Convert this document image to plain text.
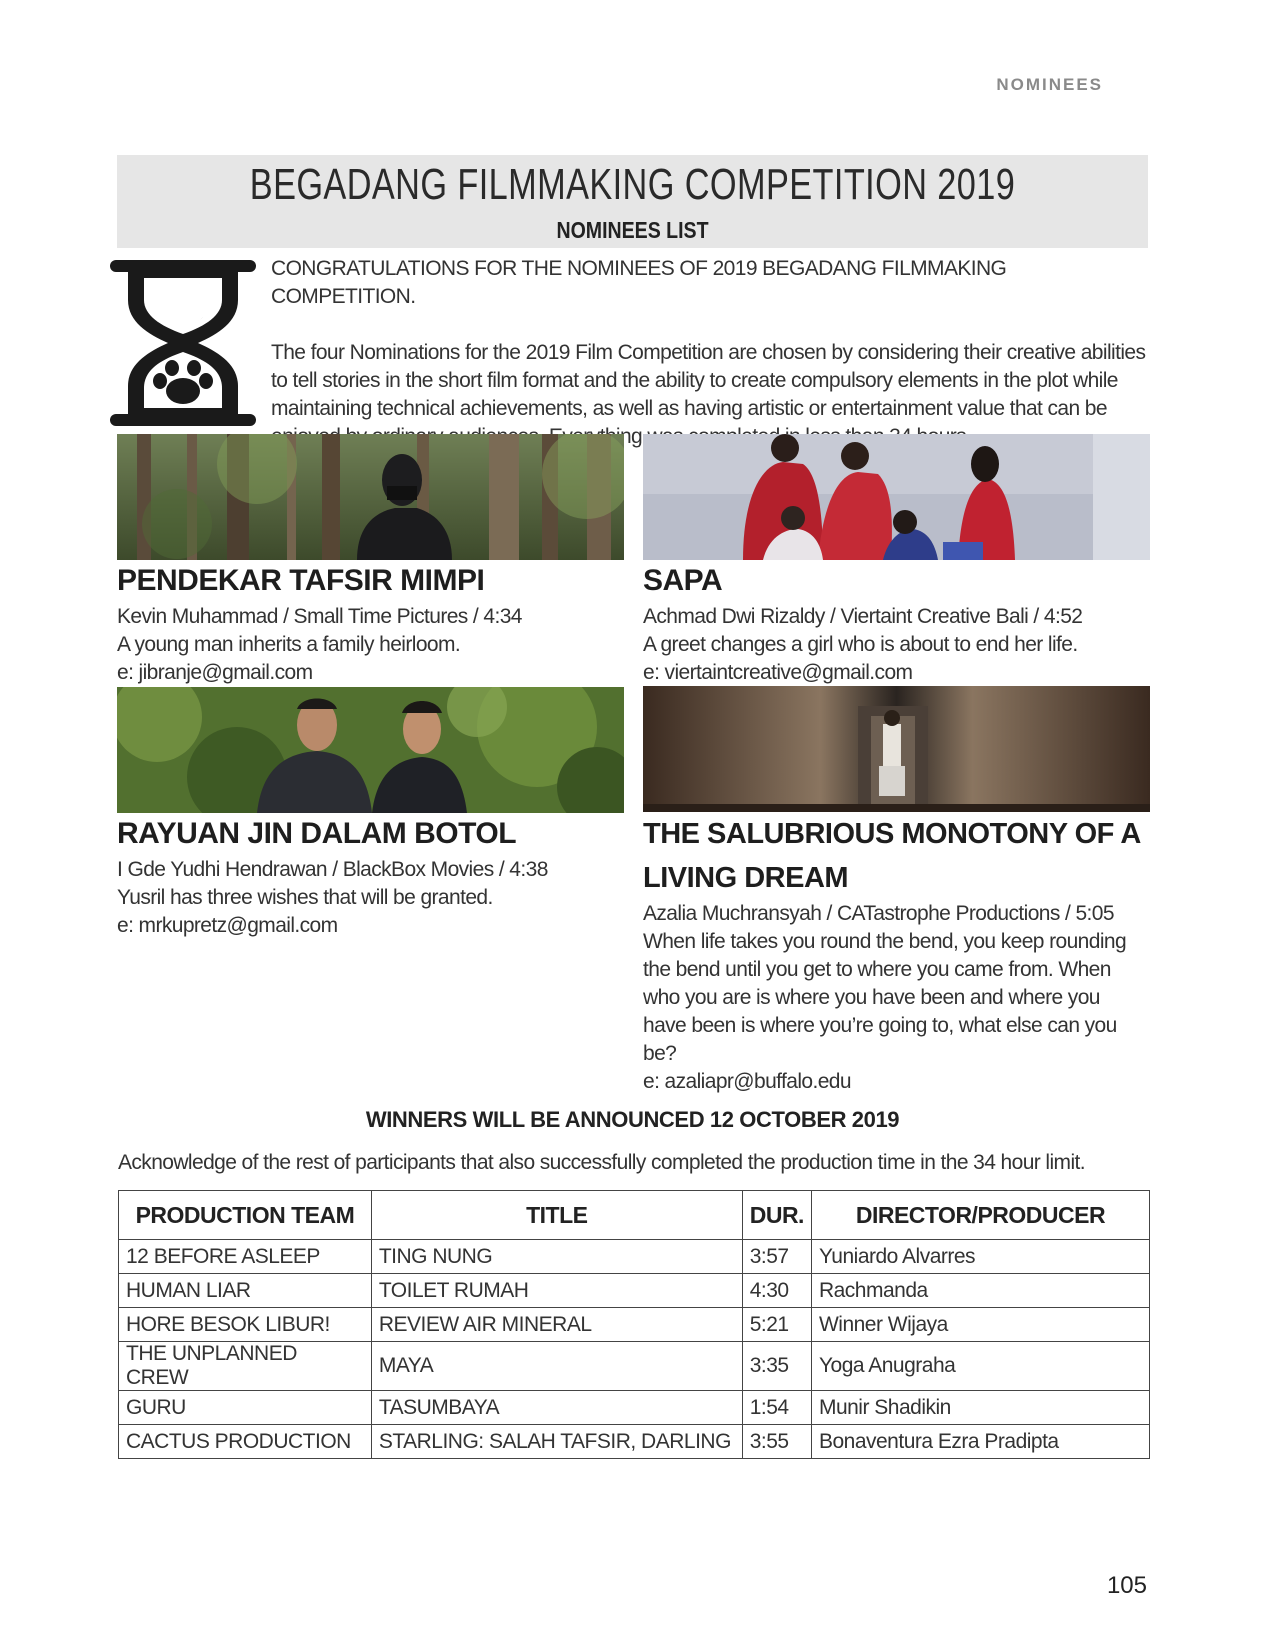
NOMINEES
BEGADANG FILMMAKING COMPETITION 2019
NOMINEES LIST

CONGRATULATIONS FOR THE NOMINEES OF 2019 BEGADANG FILMMAKING COMPETITION.

The four Nominations for the 2019 Film Competition are chosen by considering their creative abilities to tell stories in the short film format and the ability to create compulsory elements in the plot while maintaining technical achievements, as well as having artistic or entertainment value that can be

PENDEKAR TAFSIR MIMPI
Kevin Muhammad / Small Time Pictures / 4:34
A young man inherits a family heirloom.
e: jibranje@gmail.com
SAPA
Achmad Dwi Rizaldy / Viertaint Creative Bali / 4:52
A greet changes a girl who is about to end her life.
e: viertaintcreative@gmail.com
RAYUAN JIN DALAM BOTOL
I Gde Yudhi Hendrawan / BlackBox Movies / 4:38
Yusril has three wishes that will be granted.
e: mrkupretz@gmail.com
THE SALUBRIOUS MONOTONY OF A LIVING DREAM
Azalia Muchransyah / CATastrophe Productions / 5:05
When life takes you round the bend, you keep rounding the bend until you get to where you came from. When who you are is where you have been and where you have been is where you’re going to, what else can you be?
e: azaliapr@buffalo.edu
WINNERS WILL BE ANNOUNCED 12 OCTOBER 2019
Acknowledge of the rest of participants that also successfully completed the production time in the 34 hour limit.
PRODUCTION TEAM	TITLE	DUR.	DIRECTOR/PRODUCER
12 BEFORE ASLEEP	TING NUNG	3:57	Yuniardo Alvarres
HUMAN LIAR	TOILET RUMAH	4:30	Rachmanda
HORE BESOK LIBUR!	REVIEW AIR MINERAL	5:21	Winner Wijaya
THE UNPLANNED CREW	MAYA	3:35	Yoga Anugraha
GURU	TASUMBAYA	1:54	Munir Shadikin
CACTUS PRODUCTION	STARLING: SALAH TAFSIR, DARLING	3:55	Bonaventura Ezra Pradipta
105
